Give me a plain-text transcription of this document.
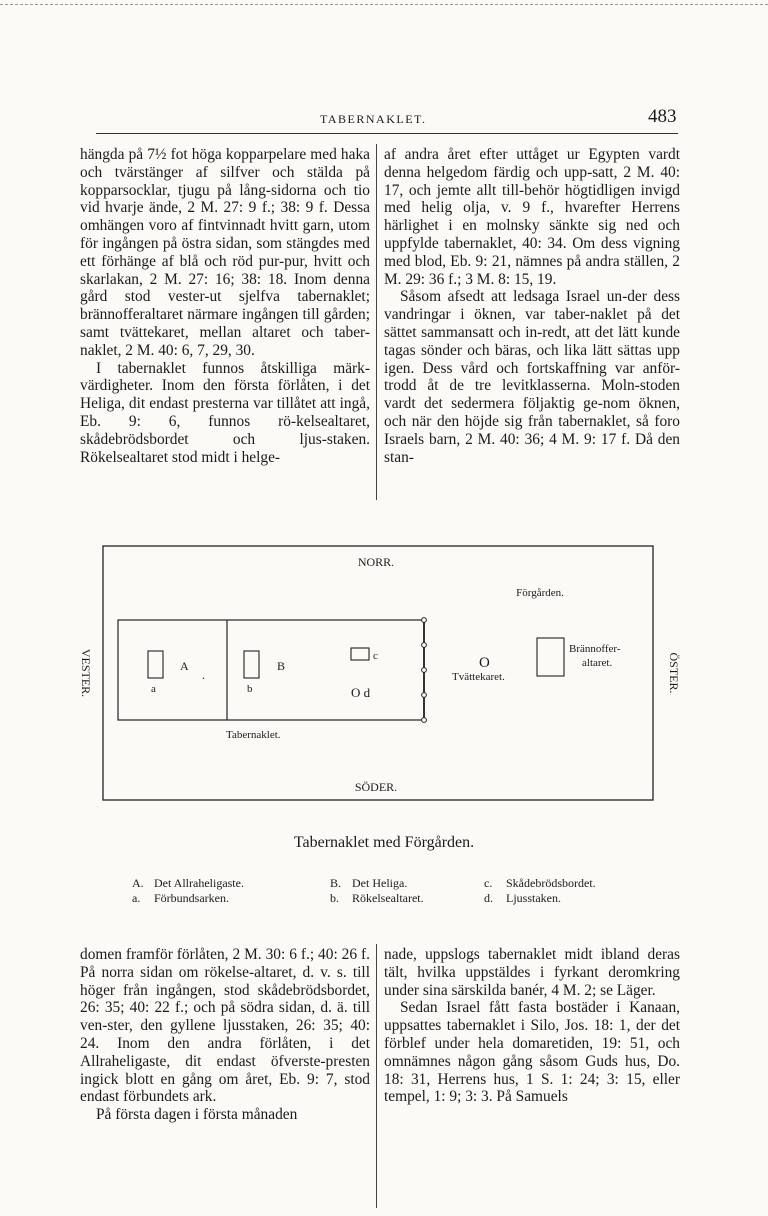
TABERNAKLET.	483

hängda på 7½ fot höga kopparpelare med haka och tvärstänger af silfver och stälda på kopparsocklar, tjugu på lång-sidorna och tio vid hvarje ände, 2 M. 27: 9 f.; 38: 9 f. Dessa omhängen voro af fintvinnadt hvitt garn, utom för ingången på östra sidan, som stängdes med ett förhänge af blå och röd pur-pur, hvitt och skarlakan, 2 M. 27: 16; 38: 18. Inom denna gård stod vester-ut sjelfva tabernaklet; brännofferaltaret närmare ingången till gården; samt tvättekaret, mellan altaret och taber-naklet, 2 M. 40: 6, 7, 29, 30.

I tabernaklet funnos åtskilliga märk-värdigheter. Inom den första förlåten, i det Heliga, dit endast presterna var tillåtet att ingå, Eb. 9: 6, funnos rö-kelsealtaret, skådebrödsbordet och ljus-staken. Rökelsealtaret stod midt i helge-

af andra året efter uttåget ur Egypten vardt denna helgedom färdig och upp-satt, 2 M. 40: 17, och jemte allt till-behör högtidligen invigd med helig olja, v. 9 f., hvarefter Herrens härlighet i en molnsky sänkte sig ned och uppfylde tabernaklet, 40: 34. Om dess vigning med blod, Eb. 9: 21, nämnes på andra ställen, 2 M. 29: 36 f.; 3 M. 8: 15, 19.

Såsom afsedt att ledsaga Israel un-der dess vandringar i öknen, var taber-naklet på det sättet sammansatt och in-redt, att det lätt kunde tagas sönder och bäras, och lika lätt sättas upp igen. Dess vård och fortskaffning var anför-trodd åt de tre levitklasserna. Moln-stoden vardt det sedermera följaktig ge-nom öknen, och när den höjde sig från tabernaklet, så foro Israels barn, 2 M. 40: 36; 4 M. 9: 17 f. Då den stan-

NORR.
SÖDER.
VESTER.	ÖSTER.
Förgården.
a
A
.
b
B
c
O d
Tabernaklet.
O
Tvättekaret.
Brännoffer-
altaret.
Tabernaklet med Förgården.
A. Det Allraheligaste.
a. Förbundsarken.
B. Det Heliga.
b. Rökelsealtaret.
c. Skådebrödsbordet.
d. Ljusstaken.

domen framför förlåten, 2 M. 30: 6 f.; 40: 26 f. På norra sidan om rökelse-altaret, d. v. s. till höger från ingången, stod skådebrödsbordet, 26: 35; 40: 22 f.; och på södra sidan, d. ä. till ven-ster, den gyllene ljusstaken, 26: 35; 40: 24. Inom den andra förlåten, i det Allraheligaste, dit endast öfverste-presten ingick blott en gång om året, Eb. 9: 7, stod endast förbundets ark.

På första dagen i första månaden

nade, uppslogs tabernaklet midt ibland deras tält, hvilka uppstäldes i fyrkant deromkring under sina särskilda banér, 4 M. 2; se Läger.

Sedan Israel fått fasta bostäder i Kanaan, uppsattes tabernaklet i Silo, Jos. 18: 1, der det förblef under hela domaretiden, 19: 51, och omnämnes någon gång såsom Guds hus, Do. 18: 31, Herrens hus, 1 S. 1: 24; 3: 15, eller tempel, 1: 9; 3: 3. På Samuels
